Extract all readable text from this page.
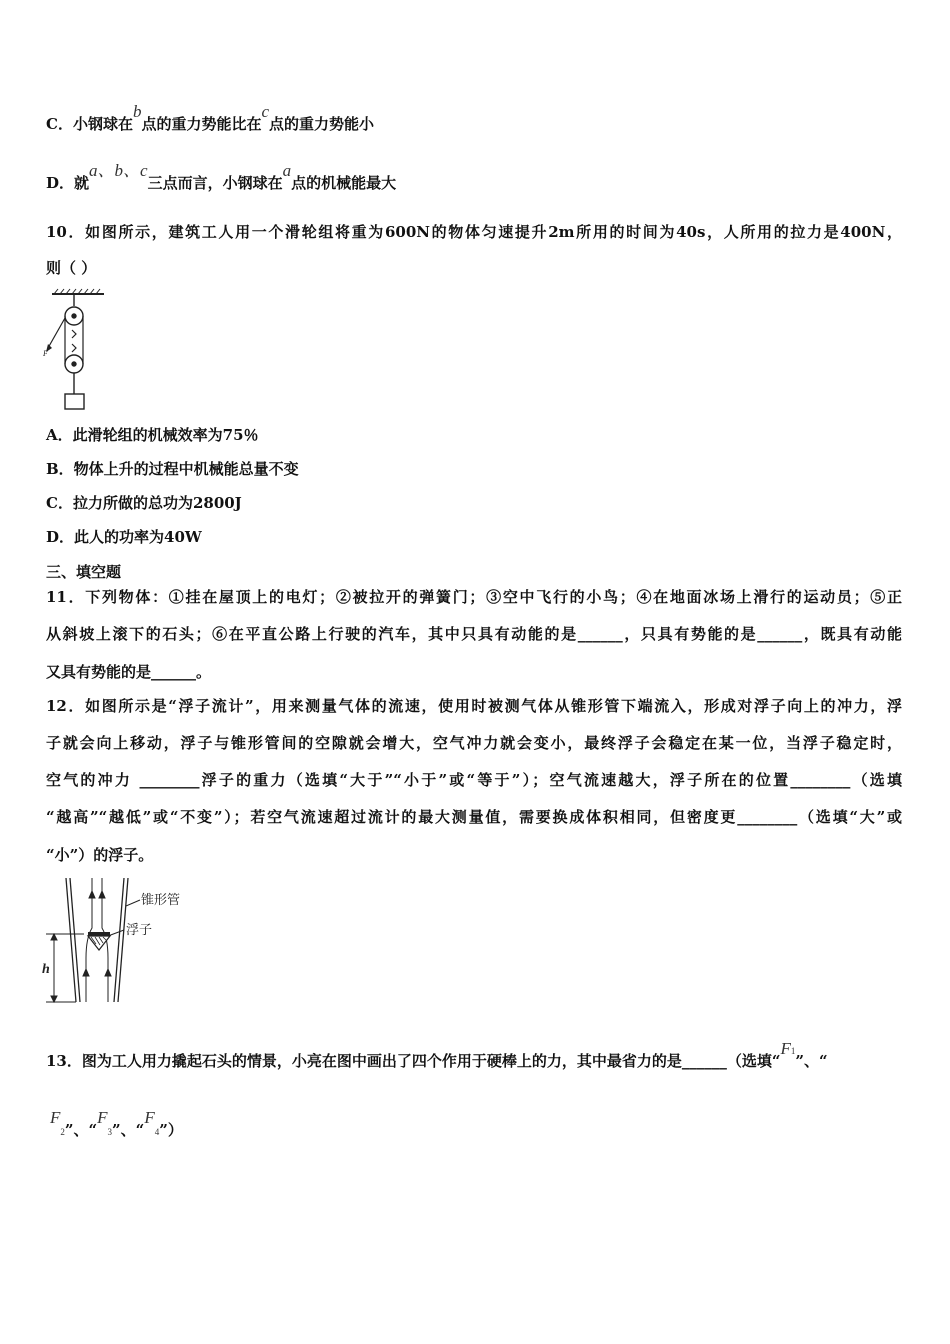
C．小钢球在b点的重力势能比在c点的重力势能小
D．就a、b、c三点而言，小钢球在a点的机械能最大
10．如图所示，建筑工人用一个滑轮组将重为600N的物体匀速提升2m所用的时间为40s，人所用的拉力是400N，
则（ ）
F
A．此滑轮组的机械效率为75％
B．物体上升的过程中机械能总量不变
C．拉力所做的总功为2800J
D．此人的功率为40W
三、填空题
11．下列物体：①挂在屋顶上的电灯；②被拉开的弹簧门；③空中飞行的小鸟；④在地面冰场上滑行的运动员；⑤正
从斜坡上滚下的石头；⑥在平直公路上行驶的汽车，其中只具有动能的是______，只具有势能的是______，既具有动能
又具有势能的是______。
12．如图所示是“浮子流计”，用来测量气体的流速，使用时被测气体从锥形管下端流入，形成对浮子向上的冲力，浮
子就会向上移动，浮子与锥形管间的空隙就会增大，空气冲力就会变小，最终浮子会稳定在某一位，当浮子稳定时，
空气的冲力 ________浮子的重力（选填“大于”“小于”或“等于”）；空气流速越大，浮子所在的位置________（选填
“越高”“越低”或“不变”）；若空气流速超过流计的最大测量值，需要换成体积相同，但密度更________（选填“大”或
“小”）的浮子。
锥形管
浮子
h
13．图为工人用力撬起石头的情景，小亮在图中画出了四个作用于硬棒上的力，其中最省力的是______（选填“$F^1$”、“
F2”、“F3”、“F4”）
